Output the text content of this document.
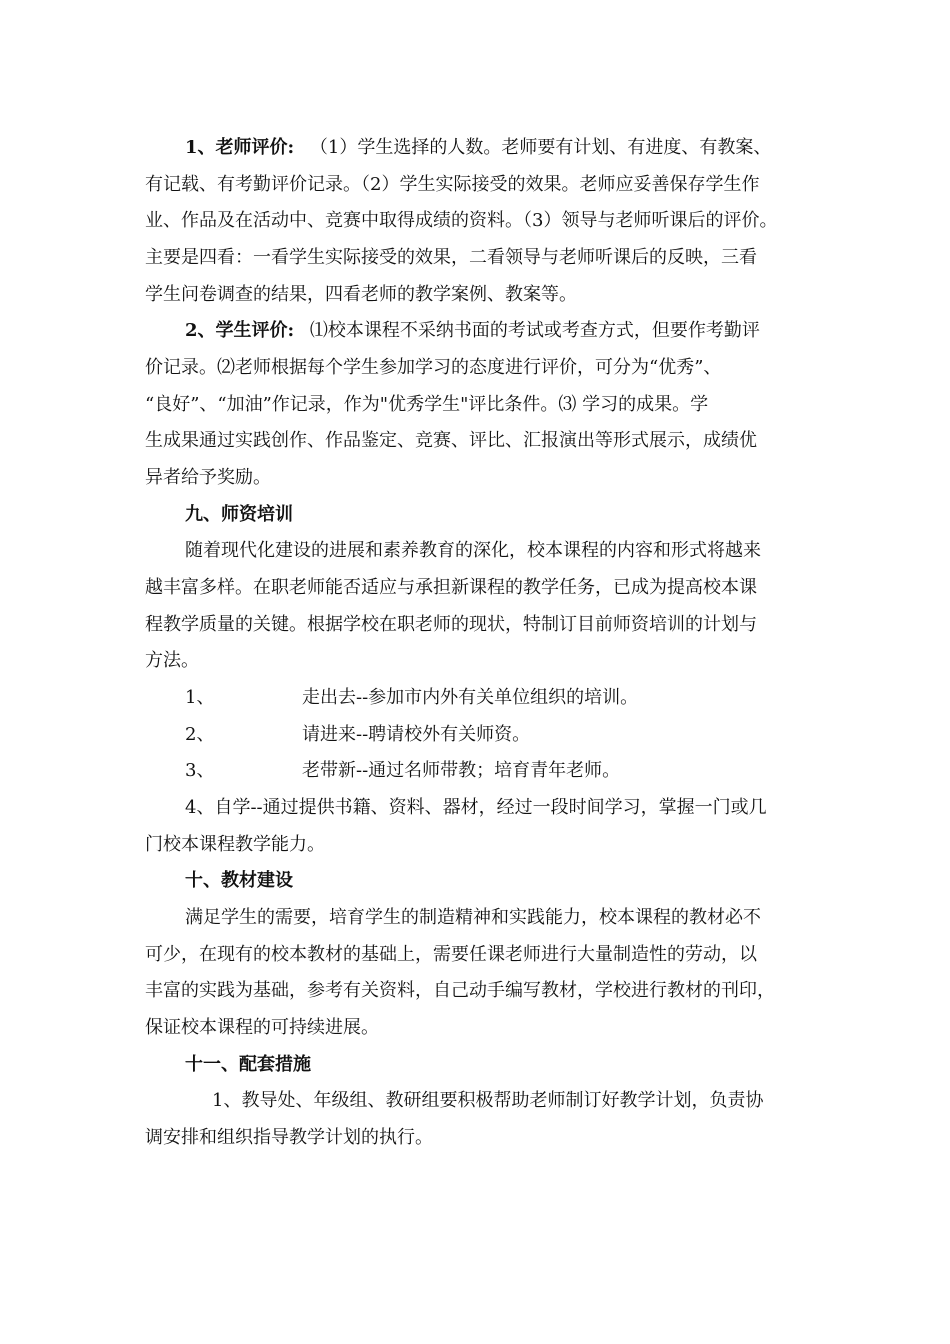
1、老师评价: （1）学生选择的人数。老师要有计划、有进度、有教案、
有记载、有考勤评价记录。（2）学生实际接受的效果。老师应妥善保存学生作
业、作品及在活动中、竞赛中取得成绩的资料。（3）领导与老师听课后的评价。
主要是四看：一看学生实际接受的效果，二看领导与老师听课后的反映，三看
学生问卷调查的结果，四看老师的教学案例、教案等。
2、学生评价: ⑴校本课程不采纳书面的考试或考查方式，但要作考勤评
价记录。⑵老师根据每个学生参加学习的态度进行评价，可分为“优秀”、
“良好”、“加油”作记录，作为"优秀学生"评比条件。⑶ 学习的成果。学
生成果通过实践创作、作品鉴定、竞赛、评比、汇报演出等形式展示，成绩优
异者给予奖励。
九、师资培训
随着现代化建设的进展和素养教育的深化，校本课程的内容和形式将越来
越丰富多样。在职老师能否适应与承担新课程的教学任务，已成为提高校本课
程教学质量的关键。根据学校在职老师的现状，特制订目前师资培训的计划与
方法。
1、	走出去--参加市内外有关单位组织的培训。
2、	请进来--聘请校外有关师资。
3、	老带新--通过名师带教；培育青年老师。
4、自学--通过提供书籍、资料、器材，经过一段时间学习，掌握一门或几
门校本课程教学能力。
十、教材建设
满足学生的需要，培育学生的制造精神和实践能力，校本课程的教材必不
可少，在现有的校本教材的基础上，需要任课老师进行大量制造性的劳动，以
丰富的实践为基础，参考有关资料，自己动手编写教材，学校进行教材的刊印，
保证校本课程的可持续进展。
十一、配套措施
1、教导处、年级组、教研组要积极帮助老师制订好教学计划，负责协
调安排和组织指导教学计划的执行。
